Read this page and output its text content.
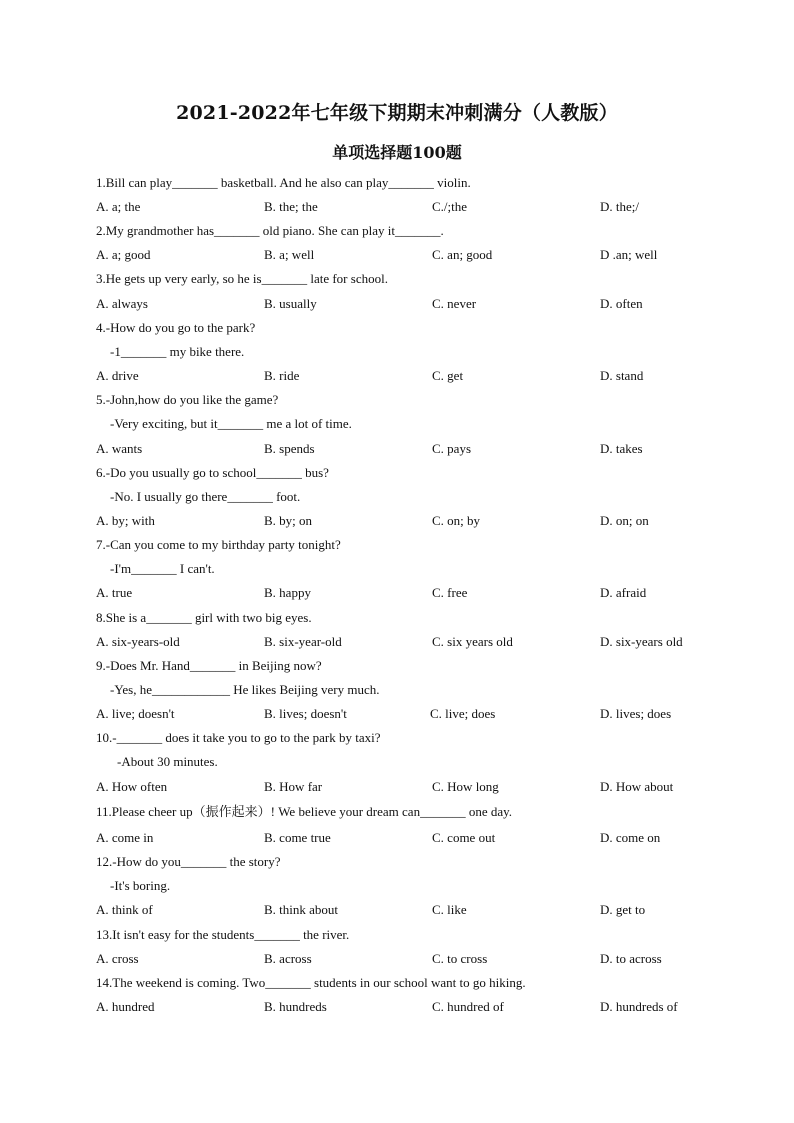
2021-2022年七年级下期期末冲刺满分（人教版）
单项选择题100题
1.Bill can play_______ basketball. And he also can play_______ violin.
A. a; the	B. the; the	C./;the	D. the;/
2.My grandmother has_______ old piano. She can play it_______.
A. a; good	B. a; well	C. an; good	D .an; well
3.He gets up very early, so he is_______ late for school.
A. always	B. usually	C. never	D. often
4.-How do you go to the park?
-1_______ my bike there.
A. drive	B. ride	C. get	D. stand
5.-John,how do you like the game?
-Very exciting, but it_______ me a lot of time.
A. wants	B. spends	C. pays	D. takes
6.-Do you usually go to school_______ bus?
-No. I usually go there_______ foot.
A. by; with	B. by; on	C. on; by	D. on; on
7.-Can you come to my birthday party tonight?
-I'm_______ I can't.
A. true	B. happy	C. free	D. afraid
8.She is a_______ girl with two big eyes.
A. six-years-old	B. six-year-old	C. six years old	D. six-years old
9.-Does Mr. Hand_______ in Beijing now?
-Yes, he____________ He likes Beijing very much.
A. live; doesn't	B. lives; doesn't	C. live; does	D. lives; does
10.-_______ does it take you to go to the park by taxi?
-About 30 minutes.
A. How often	B. How far	C. How long	D. How about
11.Please cheer up（振作起来）! We believe your dream can_______ one day.
A. come in	B. come true	C. come out	D. come on
12.-How do you_______ the story?
-It's boring.
A. think of	B. think about	C. like	D. get to
13.It isn't easy for the students_______ the river.
A. cross	B. across	C. to cross	D. to across
14.The weekend is coming. Two_______ students in our school want to go hiking.
A. hundred	B. hundreds	C. hundred of	D. hundreds of
